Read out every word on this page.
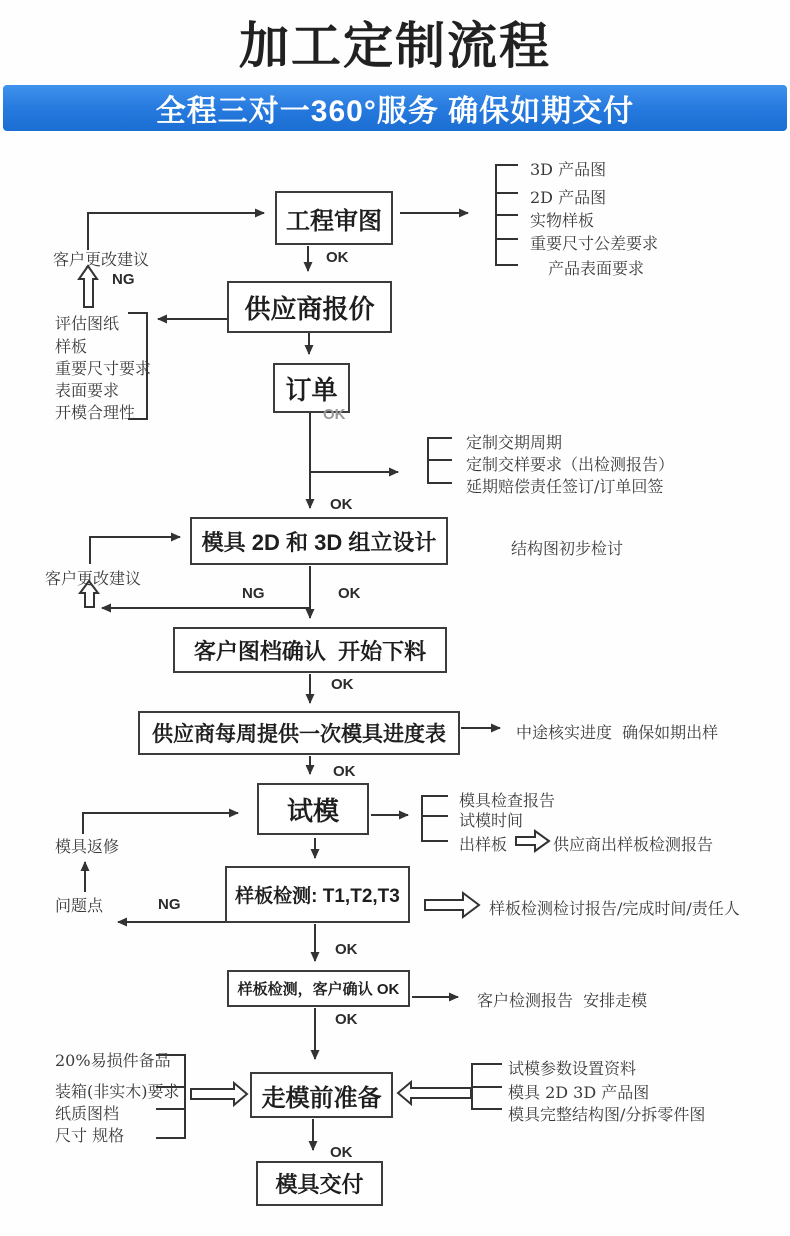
加工定制流程
全程三对一360°服务 确保如期交付
工程审图
供应商报价
订单
模具 2D 和 3D 组立设计
客户图档确认  开始下料
供应商每周提供一次模具进度表
试模
样板检测: T1,T2,T3
样板检测，客户确认 OK
走模前准备
模具交付
OK
NG
OK
OK
NG	OK
OK
OK
NG
OK
OK
OK
客户更改建议
客户更改建议
结构图初步检讨
中途核实进度  确保如期出样
模具返修
问题点
供应商出样板检测报告
样板检测检讨报告/完成时间/责任人
客户检测报告  安排走模
3D 产品图
2D 产品图
实物样板
重要尺寸公差要求
产品表面要求
评估图纸
样板
重要尺寸要求
表面要求
开模合理性
定制交期周期
定制交样要求（出检测报告）
延期赔偿责任签订/订单回签
模具检查报告
试模时间
出样板
20%易损件备品
装箱(非实木)要求
纸质图档
尺寸 规格
试模参数设置资料
模具 2D 3D 产品图
模具完整结构图/分拆零件图
